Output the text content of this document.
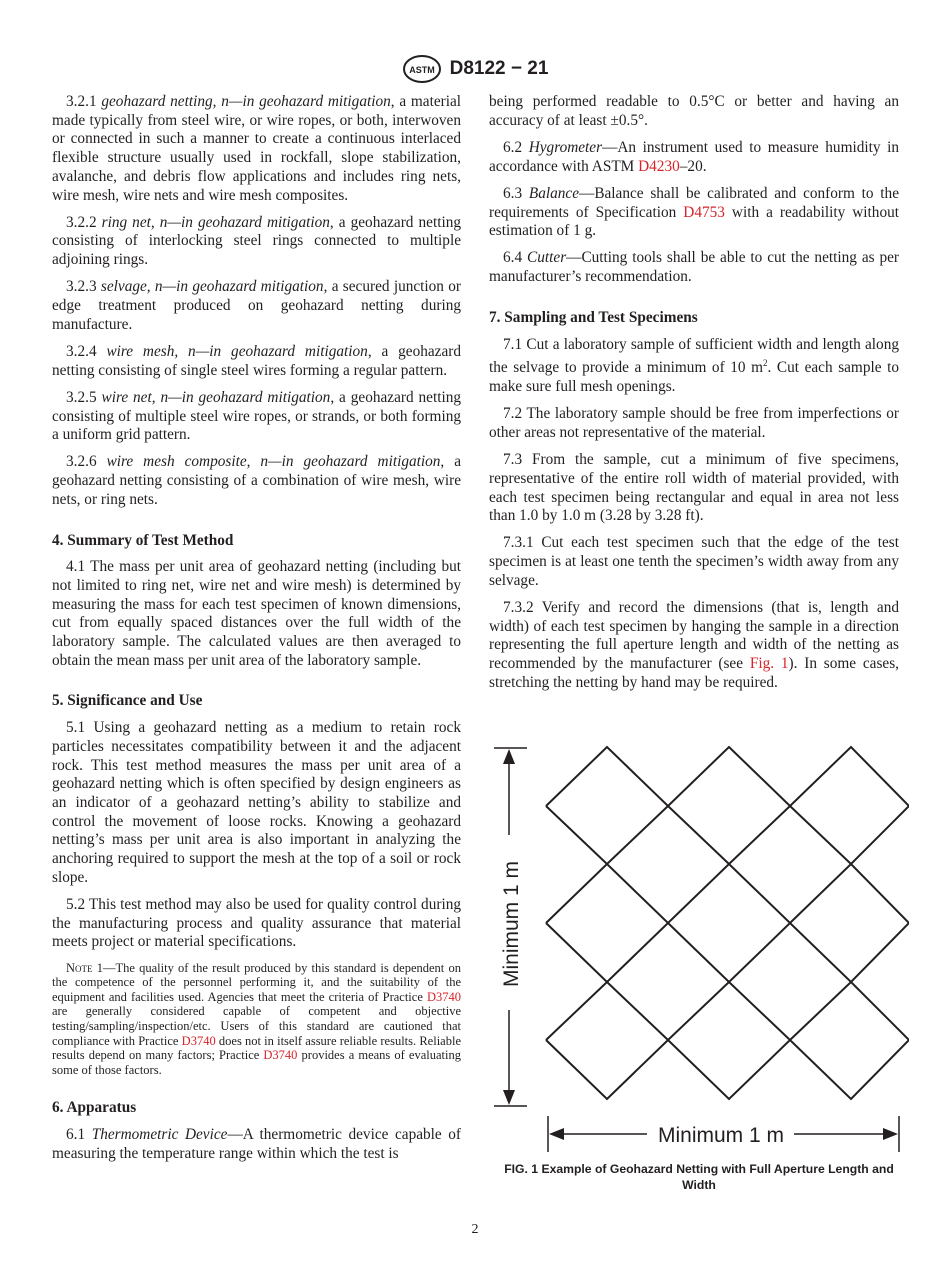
ASTM D8122 − 21

3.2.1 geohazard netting, n—in geohazard mitigation, a material made typically from steel wire, or wire ropes, or both, interwoven or connected in such a manner to create a continuous interlaced flexible structure usually used in rockfall, slope stabilization, avalanche, and debris flow applications and includes ring nets, wire mesh, wire nets and wire mesh composites.

3.2.2 ring net, n—in geohazard mitigation, a geohazard netting consisting of interlocking steel rings connected to multiple adjoining rings.

3.2.3 selvage, n—in geohazard mitigation, a secured junction or edge treatment produced on geohazard netting during manufacture.

3.2.4 wire mesh, n—in geohazard mitigation, a geohazard netting consisting of single steel wires forming a regular pattern.

3.2.5 wire net, n—in geohazard mitigation, a geohazard netting consisting of multiple steel wire ropes, or strands, or both forming a uniform grid pattern.

3.2.6 wire mesh composite, n—in geohazard mitigation, a geohazard netting consisting of a combination of wire mesh, wire nets, or ring nets.

4. Summary of Test Method

4.1 The mass per unit area of geohazard netting (including but not limited to ring net, wire net and wire mesh) is determined by measuring the mass for each test specimen of known dimensions, cut from equally spaced distances over the full width of the laboratory sample. The calculated values are then averaged to obtain the mean mass per unit area of the laboratory sample.

5. Significance and Use

5.1 Using a geohazard netting as a medium to retain rock particles necessitates compatibility between it and the adjacent rock. This test method measures the mass per unit area of a geohazard netting which is often specified by design engineers as an indicator of a geohazard netting’s ability to stabilize and control the movement of loose rocks. Knowing a geohazard netting’s mass per unit area is also important in analyzing the anchoring required to support the mesh at the top of a soil or rock slope.

5.2 This test method may also be used for quality control during the manufacturing process and quality assurance that material meets project or material specifications.

Note 1—The quality of the result produced by this standard is dependent on the competence of the personnel performing it, and the suitability of the equipment and facilities used. Agencies that meet the criteria of Practice D3740 are generally considered capable of competent and objective testing/sampling/inspection/etc. Users of this standard are cautioned that compliance with Practice D3740 does not in itself assure reliable results. Reliable results depend on many factors; Practice D3740 provides a means of evaluating some of those factors.

6. Apparatus

6.1 Thermometric Device—A thermometric device capable of measuring the temperature range within which the test is

being performed readable to 0.5°C or better and having an accuracy of at least ±0.5°.

6.2 Hygrometer—An instrument used to measure humidity in accordance with ASTM D4230–20.

6.3 Balance—Balance shall be calibrated and conform to the requirements of Specification D4753 with a readability without estimation of 1 g.

6.4 Cutter—Cutting tools shall be able to cut the netting as per manufacturer’s recommendation.

7. Sampling and Test Specimens

7.1 Cut a laboratory sample of sufficient width and length along the selvage to provide a minimum of 10 $m^2$. Cut each sample to make sure full mesh openings.

7.2 The laboratory sample should be free from imperfections or other areas not representative of the material.

7.3 From the sample, cut a minimum of five specimens, representative of the entire roll width of material provided, with each test specimen being rectangular and equal in area not less than 1.0 by 1.0 m (3.28 by 3.28 ft).

7.3.1 Cut each test specimen such that the edge of the test specimen is at least one tenth the specimen’s width away from any selvage.

7.3.2 Verify and record the dimensions (that is, length and width) of each test specimen by hanging the sample in a direction representing the full aperture length and width of the netting as recommended by the manufacturer (see Fig. 1). In some cases, stretching the netting by hand may be required.

Minimum 1 m
Minimum 1 m
FIG. 1 Example of Geohazard Netting with Full Aperture Length and Width
2
